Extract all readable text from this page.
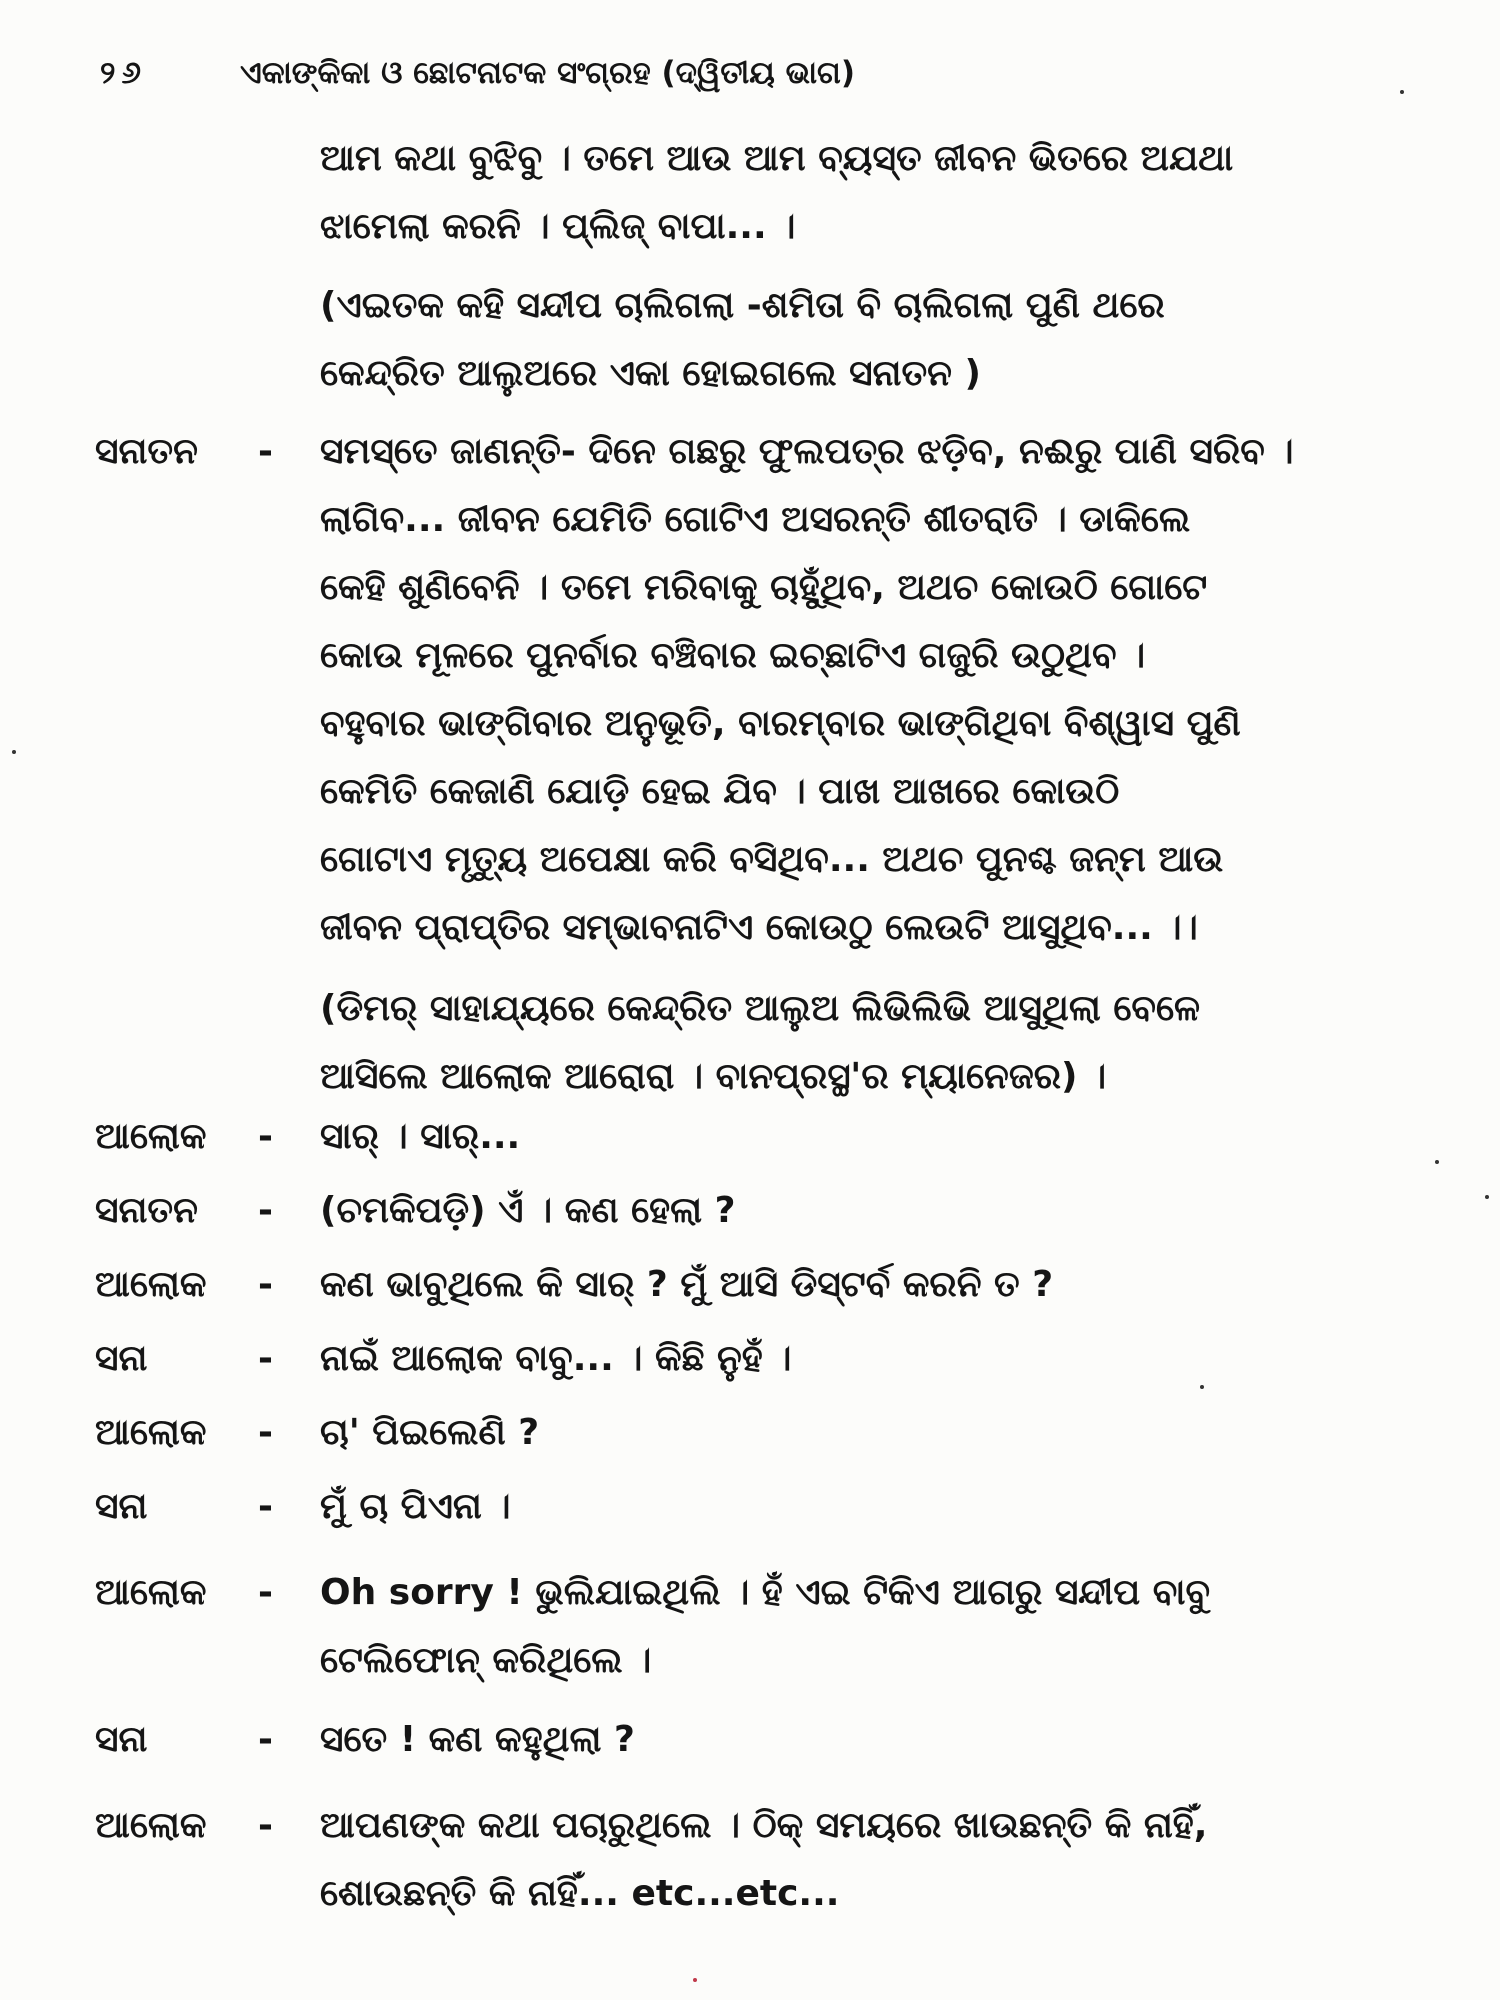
୨୬	ଏକାଙ୍କିକା ଓ ଛୋଟନାଟକ ସଂଗ୍ରହ (ଦ୍ୱିତୀୟ ଭାଗ)
ଆମ କଥା ବୁଝିବୁ । ତମେ ଆଉ ଆମ ବ୍ୟସ୍ତ ଜୀବନ ଭିତରେ ଅଯଥା
ଝାମେଲା କରନି । ପ୍ଲିଜ୍ ବାପା... ।
(ଏଇତକ କହି ସନ୍ଦୀପ ଚାଲିଗଲା -ଶମିତା ବି ଚାଲିଗଲା ପୁଣି ଥରେ
କେନ୍ଦ୍ରିତ ଆଲୁଅରେ ଏକା ହୋଇଗଲେ ସନାତନ )
ସନାତନ - ସମସ୍ତେ ଜାଣନ୍ତି- ଦିନେ ଗଛରୁ ଫୁଲପତ୍ର ଝଡ଼ିବ, ନଈରୁ ପାଣି ସରିବ ।
ଲାଗିବ... ଜୀବନ ଯେମିତି ଗୋଟିଏ ଅସରନ୍ତି ଶୀତରାତି । ଡାକିଲେ
କେହି ଶୁଣିବେନି । ତମେ ମରିବାକୁ ଚାହୁଁଥିବ, ଅଥଚ କୋଉଠି ଗୋଟେ
କୋଉ ମୂଳରେ ପୁନର୍ବାର ବଞ୍ଚିବାର ଇଚ୍ଛାଟିଏ ଗଜୁରି ଉଠୁଥିବ ।
ବହୁବାର ଭାଙ୍ଗିବାର ଅନୁଭୂତି, ବାରମ୍ବାର ଭାଙ୍ଗିଥିବା ବିଶ୍ୱାସ ପୁଣି
କେମିତି କେଜାଣି ଯୋଡ଼ି ହେଇ ଯିବ । ପାଖ ଆଖରେ କୋଉଠି
ଗୋଟାଏ ମୃତ୍ୟୁ ଅପେକ୍ଷା କରି ବସିଥିବ... ଅଥଚ ପୁନଶ୍ଚ ଜନ୍ମ ଆଉ
ଜୀବନ ପ୍ରାପ୍ତିର ସମ୍ଭାବନାଟିଏ କୋଉଠୁ ଲେଉଟି ଆସୁଥିବ... ।।
(ଡିମର୍ ସାହାଯ୍ୟରେ କେନ୍ଦ୍ରିତ ଆଲୁଅ ଲିଭିଲିଭି ଆସୁଥିଲା ବେଳେ
ଆସିଲେ ଆଲୋକ ଆରୋରା । ବାନପ୍ରସ୍ଥ'ର ମ୍ୟାନେଜର) ।
ଆଲୋକ - ସାର୍ । ସାର୍...
ସନାତନ - (ଚମକିପଡ଼ି) ଏଁ । କଣ ହେଲା ?
ଆଲୋକ - କଣ ଭାବୁଥିଲେ କି ସାର୍ ? ମୁଁ ଆସି ଡିସ୍‌ଟର୍ବ କରନି ତ ?
ସନା	- ନାଇଁ ଆଲୋକ ବାବୁ... । କିଛି ନୁହଁ ।
ଆଲୋକ - ଚା' ପିଇଲେଣି ?
ସନା	- ମୁଁ ଚା ପିଏନା ।
ଆଲୋକ - Oh sorry ! ଭୁଲିଯାଇଥିଲି । ହଁ ଏଇ ଟିକିଏ ଆଗରୁ ସନ୍ଦୀପ ବାବୁ
ଟେଲିଫୋନ୍ କରିଥିଲେ ।
ସନା	- ସତେ ! କଣ କହୁଥିଲା ?
ଆଲୋକ - ଆପଣଙ୍କ କଥା ପଚାରୁଥିଲେ । ଠିକ୍ ସମୟରେ ଖାଉଛନ୍ତି କି ନାହିଁ,
ଶୋଉଛନ୍ତି କି ନାହିଁ... etc...etc...
